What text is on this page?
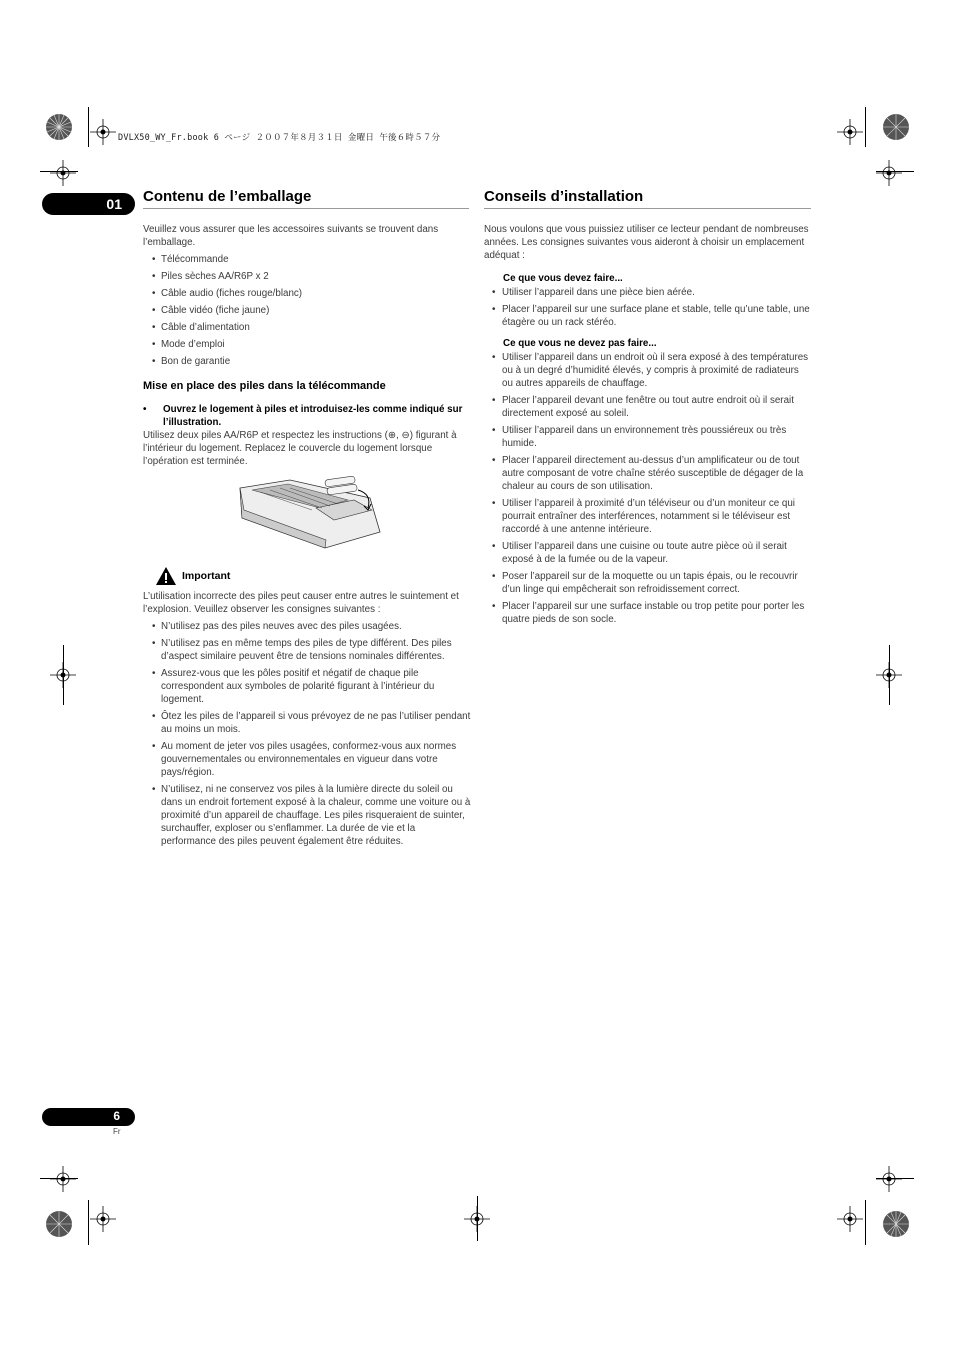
DVLX50_WY_Fr.book 6 ページ ２００７年８月３１日 金曜日 午後６時５７分
01 Contenu de l’emballage

Veuillez vous assurer que les accessoires suivants se trouvent dans l’emballage.

• Télécommande
• Piles sèches AA/R6P x 2
• Câble audio (fiches rouge/blanc)
• Câble vidéo (fiche jaune)
• Câble d’alimentation
• Mode d’emploi
• Bon de garantie

Mise en place des piles dans la télécommande

• Ouvrez le logement à piles et introduisez-les comme indiqué sur l’illustration.

Utilisez deux piles AA/R6P et respectez les instructions (⊕, ⊖) figurant à l’intérieur du logement. Replacez le couvercle du logement lorsque l’opération est terminée.

Important

L’utilisation incorrecte des piles peut causer entre autres le suintement et l’explosion. Veuillez observer les consignes suivantes :

• N’utilisez pas des piles neuves avec des piles usagées.
• N’utilisez pas en même temps des piles de type différent. Des piles d’aspect similaire peuvent être de tensions nominales différentes.
• Assurez-vous que les pôles positif et négatif de chaque pile correspondent aux symboles de polarité figurant à l’intérieur du logement.
• Ôtez les piles de l’appareil si vous prévoyez de ne pas l’utiliser pendant au moins un mois.
• Au moment de jeter vos piles usagées, conformez-vous aux normes gouvernementales ou environnementales en vigueur dans votre pays/région.
• N’utilisez, ni ne conservez vos piles à la lumière directe du soleil ou dans un endroit fortement exposé à la chaleur, comme une voiture ou à proximité d’un appareil de chauffage. Les piles risqueraient de suinter, surchauffer, exploser ou s’enflammer. La durée de vie et la performance des piles peuvent également être réduites.
Conseils d’installation

Nous voulons que vous puissiez utiliser ce lecteur pendant de nombreuses années. Les consignes suivantes vous aideront à choisir un emplacement adéquat :

Ce que vous devez faire...

• Utiliser l’appareil dans une pièce bien aérée.
• Placer l’appareil sur une surface plane et stable, telle qu’une table, une étagère ou un rack stéréo.

Ce que vous ne devez pas faire...

• Utiliser l’appareil dans un endroit où il sera exposé à des températures ou à un degré d’humidité élevés, y compris à proximité de radiateurs ou autres appareils de chauffage.
• Placer l’appareil devant une fenêtre ou tout autre endroit où il serait directement exposé au soleil.
• Utiliser l’appareil dans un environnement très poussiéreux ou très humide.
• Placer l’appareil directement au-dessus d’un amplificateur ou de tout autre composant de votre chaîne stéréo susceptible de dégager de la chaleur au cours de son utilisation.
• Utiliser l’appareil à proximité d’un téléviseur ou d’un moniteur ce qui pourrait entraîner des interférences, notamment si le téléviseur est raccordé à une antenne intérieure.
• Utiliser l’appareil dans une cuisine ou toute autre pièce où il serait exposé à de la fumée ou de la vapeur.
• Poser l’appareil sur de la moquette ou un tapis épais, ou le recouvrir d’un linge qui empêcherait son refroidissement correct.
• Placer l’appareil sur une surface instable ou trop petite pour porter les quatre pieds de son socle.
6
Fr
